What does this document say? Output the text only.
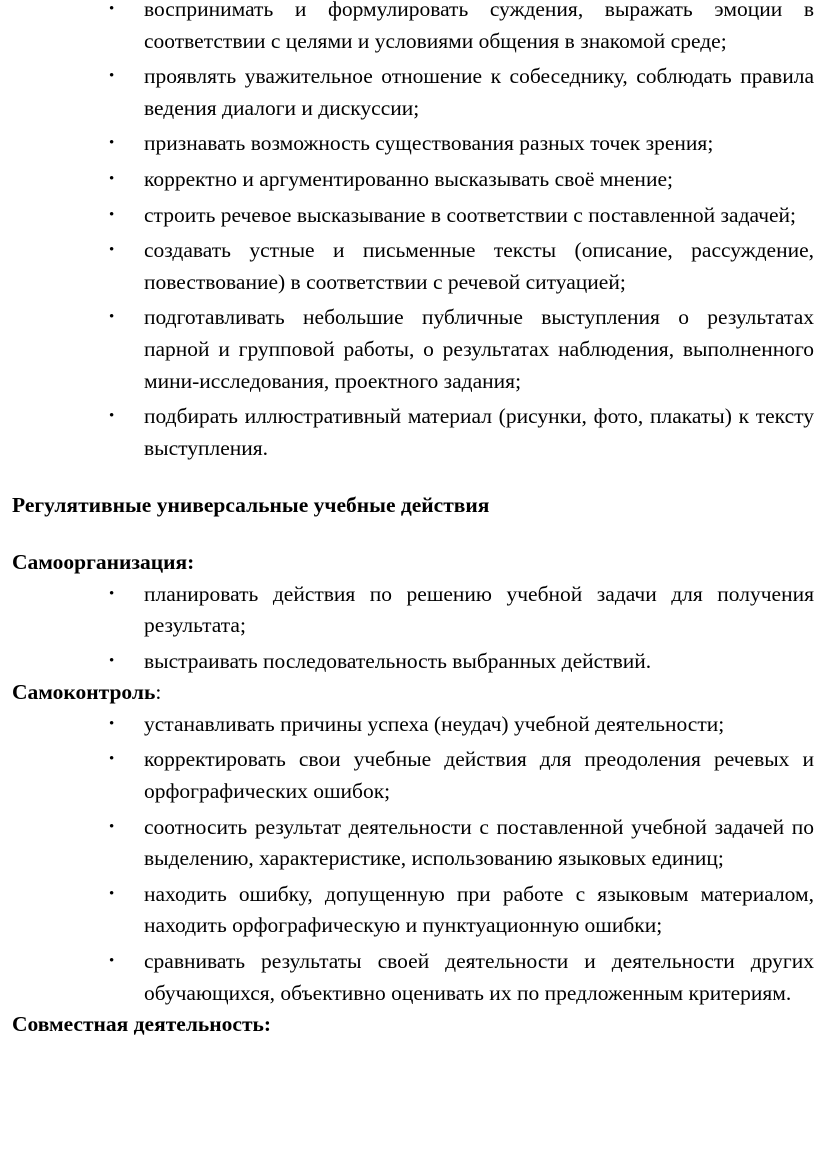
• воспринимать и формулировать суждения, выражать эмоции в соответствии с целями и условиями общения в знакомой среде;
• проявлять уважительное отношение к собеседнику, соблюдать правила ведения диалоги и дискуссии;
• признавать возможность существования разных точек зрения;
• корректно и аргументированно высказывать своё мнение;
• строить речевое высказывание в соответствии с поставленной задачей;
• создавать устные и письменные тексты (описание, рассуждение, повествование) в соответствии с речевой ситуацией;
• подготавливать небольшие публичные выступления о результатах парной и групповой работы, о результатах наблюдения, выполненного мини-исследования, проектного задания;
• подбирать иллюстративный материал (рисунки, фото, плакаты) к тексту выступления.

Регулятивные универсальные учебные действия

Самоорганизация:

• планировать действия по решению учебной задачи для получения результата;
• выстраивать последовательность выбранных действий.

Самоконтроль:

• устанавливать причины успеха (неудач) учебной деятельности;
• корректировать свои учебные действия для преодоления речевых и орфографических ошибок;
• соотносить результат деятельности с поставленной учебной задачей по выделению, характеристике, использованию языковых единиц;
• находить ошибку, допущенную при работе с языковым материалом, находить орфографическую и пунктуационную ошибки;
• сравнивать результаты своей деятельности и деятельности других обучающихся, объективно оценивать их по предложенным критериям.

Совместная деятельность:
